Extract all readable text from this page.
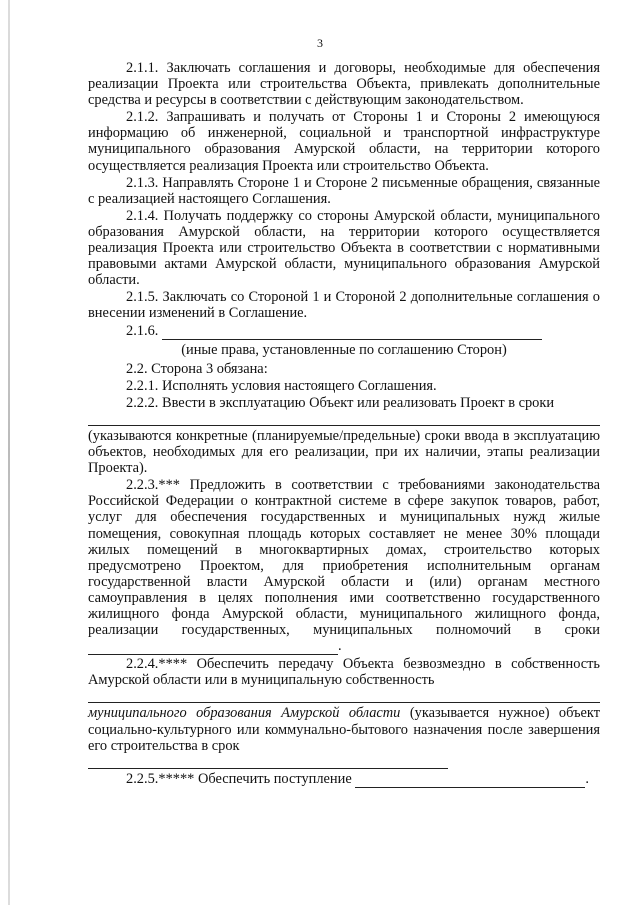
3

2.1.1. Заключать соглашения и договоры, необходимые для обеспечения реализации Проекта или строительства Объекта, привлекать дополнительные средства и ресурсы в соответствии с действующим законодательством.

2.1.2. Запрашивать и получать от Стороны 1 и Стороны 2 имеющуюся информацию об инженерной, социальной и транспортной инфраструктуре муниципального образования Амурской области, на территории которого осуществляется реализация Проекта или строительство Объекта.

2.1.3. Направлять Стороне 1 и Стороне 2 письменные обращения, связанные с реализацией настоящего Соглашения.

2.1.4. Получать поддержку со стороны Амурской области, муниципального образования Амурской области, на территории которого осуществляется реализация Проекта или строительство Объекта в соответствии с нормативными правовыми актами Амурской области, муниципального образования Амурской области.

2.1.5. Заключать со Стороной 1 и Стороной 2 дополнительные соглашения о внесении изменений в Соглашение.

2.1.6.

(иные права, установленные по соглашению Сторон)

2.2. Сторона 3 обязана:

2.2.1. Исполнять условия настоящего Соглашения.

2.2.2. Ввести в эксплуатацию Объект или реализовать Проект в сроки

(указываются конкретные (планируемые/предельные) сроки ввода в эксплуатацию объектов, необходимых для его реализации, при их наличии, этапы реализации Проекта).

2.2.3.*** Предложить в соответствии с требованиями законодательства Российской Федерации о контрактной системе в сфере закупок товаров, работ, услуг для обеспечения государственных и муниципальных нужд жилые помещения, совокупная площадь которых составляет не менее 30% площади жилых помещений в многоквартирных домах, строительство которых предусмотрено Проектом, для приобретения исполнительным органам государственной власти Амурской области и (или) органам местного самоуправления в целях пополнения ими соответственно государственного жилищного фонда Амурской области, муниципального жилищного фонда, реализации государственных, муниципальных полномочий в сроки  .

2.2.4.**** Обеспечить передачу Объекта безвозмездно в собственность Амурской области или в муниципальную собственность

муниципального образования Амурской области (указывается нужное) объект социально-культурного или коммунально-бытового назначения после завершения его строительства в срок

2.2.5.***** Обеспечить поступление	.
